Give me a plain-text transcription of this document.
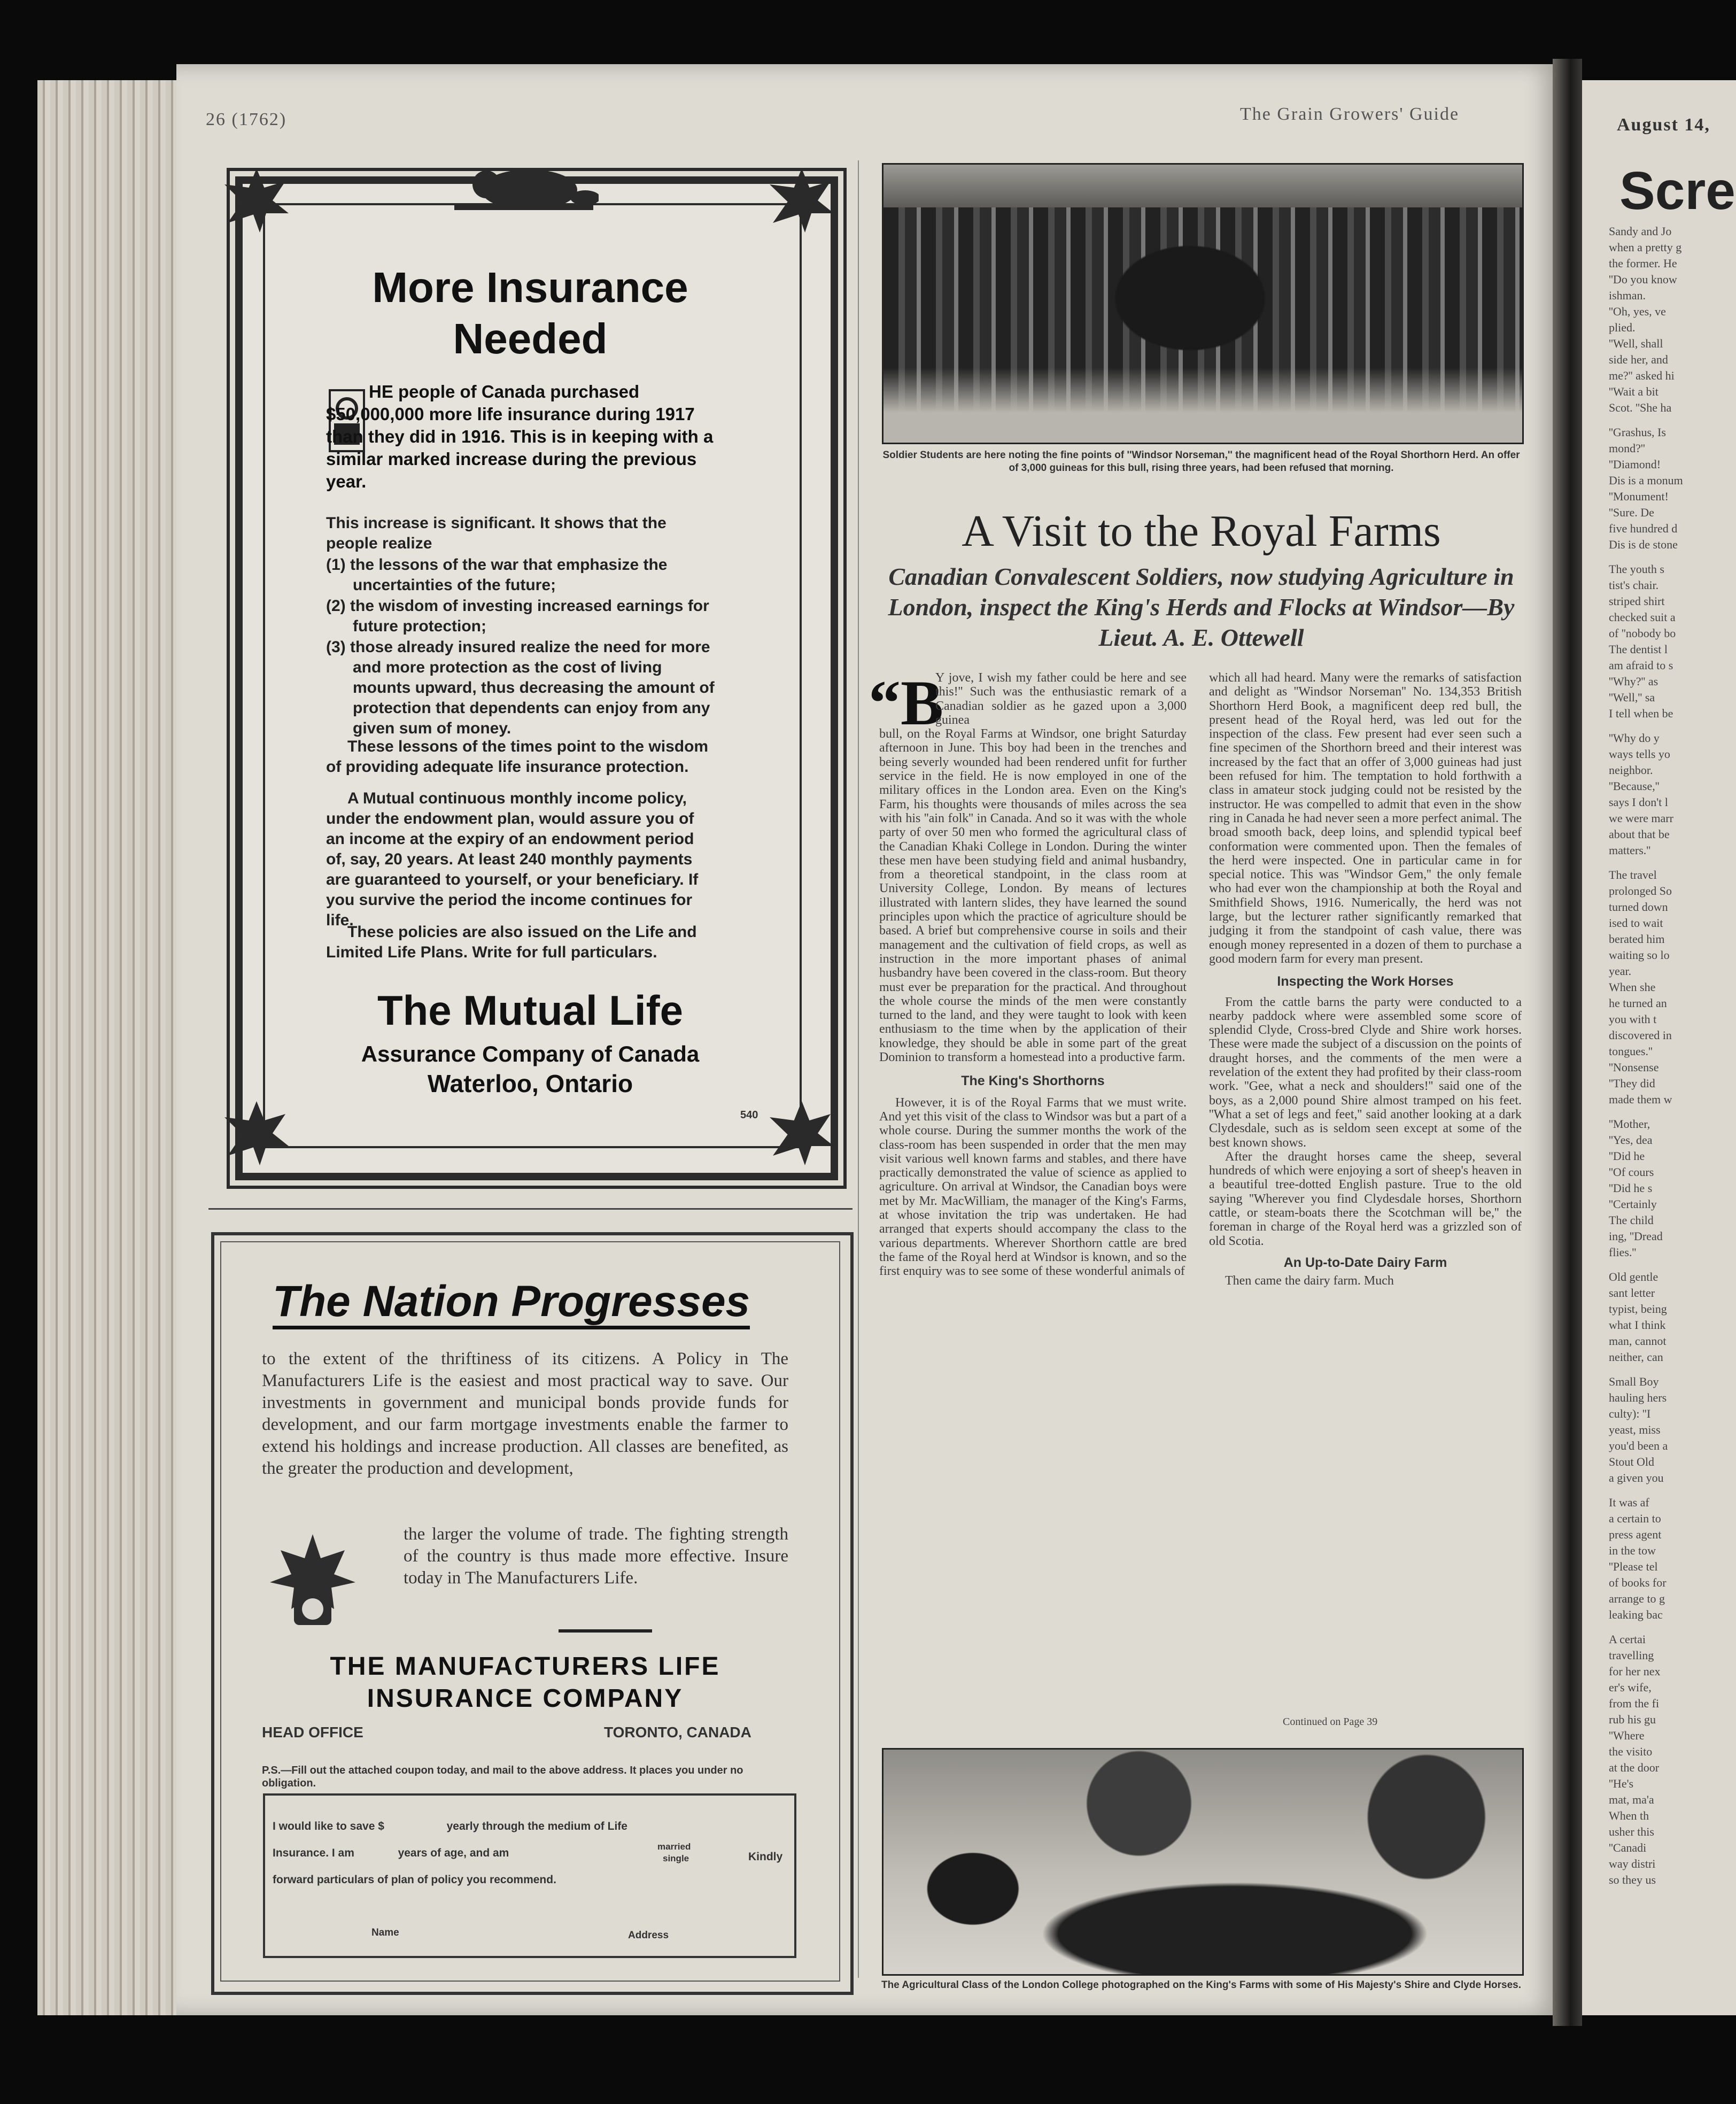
26 (1762)	The Grain Growers' Guide
August 14,
More Insurance
Needed
HE people of Canada purchased $50,000,000 more life insurance during 1917 than they did in 1916. This is in keeping with a similar marked increase during the previous year.
This increase is significant. It shows that the people realize
(1) the lessons of the war that emphasize the uncertainties of the future;
(2) the wisdom of investing increased earnings for future protection;
(3) those already insured realize the need for more and more protection as the cost of living mounts upward, thus decreasing the amount of protection that dependents can enjoy from any given sum of money.
These lessons of the times point to the wisdom of providing adequate life insurance protection.
A Mutual continuous monthly income policy, under the endowment plan, would assure you of an income at the expiry of an endowment period of, say, 20 years. At least 240 monthly payments are guaranteed to yourself, or your beneficiary. If you survive the period the income continues for life.
These policies are also issued on the Life and Limited Life Plans. Write for full particulars.
The Mutual Life
Assurance Company of Canada
Waterloo, Ontario
540
The Nation Progresses
to the extent of the thriftiness of its citizens. A Policy in The Manufacturers Life is the easiest and most practical way to save. Our investments in government and municipal bonds provide funds for development, and our farm mortgage investments enable the farmer to extend his holdings and increase production. All classes are benefited, as the greater the production and development,
the larger the volume of trade. The fighting strength of the country is thus made more effective. Insure today in The Manufacturers Life.
THE MANUFACTURERS LIFE
INSURANCE COMPANY
HEAD OFFICE	TORONTO, CANADA
P.S.—Fill out the attached coupon today, and mail to the above address. It places you under no obligation.
I would like to save $                    yearly through the medium of Life
Insurance. I am              years of age, and am
married
single	Kindly
forward particulars of plan of policy you recommend.
Name	Address
Soldier Students are here noting the fine points of ''Windsor Norseman,'' the magnificent head of the Royal Shorthorn Herd. An offer of 3,000 guineas for this bull, rising three years, had been refused that morning.
A Visit to the Royal Farms
Canadian Convalescent Soldiers, now studying Agriculture in London, inspect the King's Herds and Flocks at Windsor—By Lieut. A. E. Ottewell
“B

Y jove, I wish my father could be here and see this!'' Such was the enthusiastic remark of a Canadian soldier as he gazed upon a 3,000 guinea

bull, on the Royal Farms at Windsor, one bright Saturday afternoon in June. This boy had been in the trenches and being severly wounded had been rendered unfit for further service in the field. He is now employed in one of the military offices in the London area. Even on the King's Farm, his thoughts were thousands of miles across the sea with his ''ain folk'' in Canada. And so it was with the whole party of over 50 men who formed the agricultural class of the Canadian Khaki College in London. During the winter these men have been studying field and animal husbandry, from a theoretical standpoint, in the class room at University College, London. By means of lectures illustrated with lantern slides, they have learned the sound principles upon which the practice of agriculture should be based. A brief but comprehensive course in soils and their management and the cultivation of field crops, as well as instruction in the more important phases of animal husbandry have been covered in the class-room. But theory must ever be preparation for the practical. And throughout the whole course the minds of the men were constantly turned to the land, and they were taught to look with keen enthusiasm to the time when by the application of their knowledge, they should be able in some part of the great Dominion to transform a homestead into a productive farm.

The King's Shorthorns

However, it is of the Royal Farms that we must write. And yet this visit of the class to Windsor was but a part of a whole course. During the summer months the work of the class-room has been suspended in order that the men may visit various well known farms and stables, and there have practically demonstrated the value of science as applied to agriculture. On arrival at Windsor, the Canadian boys were met by Mr. MacWilliam, the manager of the King's Farms, at whose invitation the trip was undertaken. He had arranged that experts should accompany the class to the various departments. Wherever Shorthorn cattle are bred the fame of the Royal herd at Windsor is known, and so the first enquiry was to see some of these wonderful animals of

which all had heard. Many were the remarks of satisfaction and delight as ''Windsor Norseman'' No. 134,353 British Shorthorn Herd Book, a magnificent deep red bull, the present head of the Royal herd, was led out for the inspection of the class. Few present had ever seen such a fine specimen of the Shorthorn breed and their interest was increased by the fact that an offer of 3,000 guineas had just been refused for him. The temptation to hold forthwith a class in amateur stock judging could not be resisted by the instructor. He was compelled to admit that even in the show ring in Canada he had never seen a more perfect animal. The broad smooth back, deep loins, and splendid typical beef conformation were commented upon. Then the females of the herd were inspected. One in particular came in for special notice. This was ''Windsor Gem,'' the only female who had ever won the championship at both the Royal and Smithfield Shows, 1916. Numerically, the herd was not large, but the lecturer rather significantly remarked that judging it from the standpoint of cash value, there was enough money represented in a dozen of them to purchase a good modern farm for every man present.

Inspecting the Work Horses

From the cattle barns the party were conducted to a nearby paddock where were assembled some score of splendid Clyde, Cross-bred Clyde and Shire work horses. These were made the subject of a discussion on the points of draught horses, and the comments of the men were a revelation of the extent they had profited by their class-room work. ''Gee, what a neck and shoulders!'' said one of the boys, as a 2,000 pound Shire almost tramped on his feet. ''What a set of legs and feet,'' said another looking at a dark Clydesdale, such as is seldom seen except at some of the best known shows.

After the draught horses came the sheep, several hundreds of which were enjoying a sort of sheep's heaven in a beautiful tree-dotted English pasture. True to the old saying ''Wherever you find Clydesdale horses, Shorthorn cattle, or steam-boats there the Scotchman will be,'' the foreman in charge of the Royal herd was a grizzled son of old Scotia.

An Up-to-Date Dairy Farm

Then came the dairy farm. Much

Continued on Page 39
The Agricultural Class of the London College photographed on the King's Farms with some of His Majesty's Shire and Clyde Horses.
Scre
Sandy and Jo
when a pretty g
the former. He
''Do you know
ishman.
''Oh, yes, ve
plied.
''Well, shall
side her, and
me?'' asked hi
''Wait a bit
Scot. ''She ha
''Grashus, Is
mond?''
''Diamond!
Dis is a monum
''Monument!
''Sure. De
five hundred d
Dis is de stone
The youth s
tist's chair.
striped shirt
checked suit a
of ''nobody bo
The dentist l
am afraid to s
''Why?'' as
''Well,'' sa
I tell when be
''Why do y
ways tells yo
neighbor.
''Because,''
says I don't l
we were marr
about that be
matters.''
The travel
prolonged So
turned down
ised to wait
berated him
waiting so lo
year.
When she
he turned an
you with t
discovered in
tongues.''
''Nonsense
''They did
made them w
''Mother,
''Yes, dea
''Did he
''Of cours
''Did he s
''Certainly
The child
ing, ''Dread
flies.''
Old gentle
sant letter
typist, being
what I think
man, cannot
neither, can
Small Boy
hauling hers
culty): ''I
yeast, miss
you'd been a
Stout Old
a given you
It was af
a certain to
press agent
in the tow
''Please tel
of books for
arrange to g
leaking bac
A certai
travelling
for her nex
er's wife,
from the fi
rub his gu
''Where
the visito
at the door
''He's
mat, ma'a
When th
usher this
''Canadi
way distri
so they us
